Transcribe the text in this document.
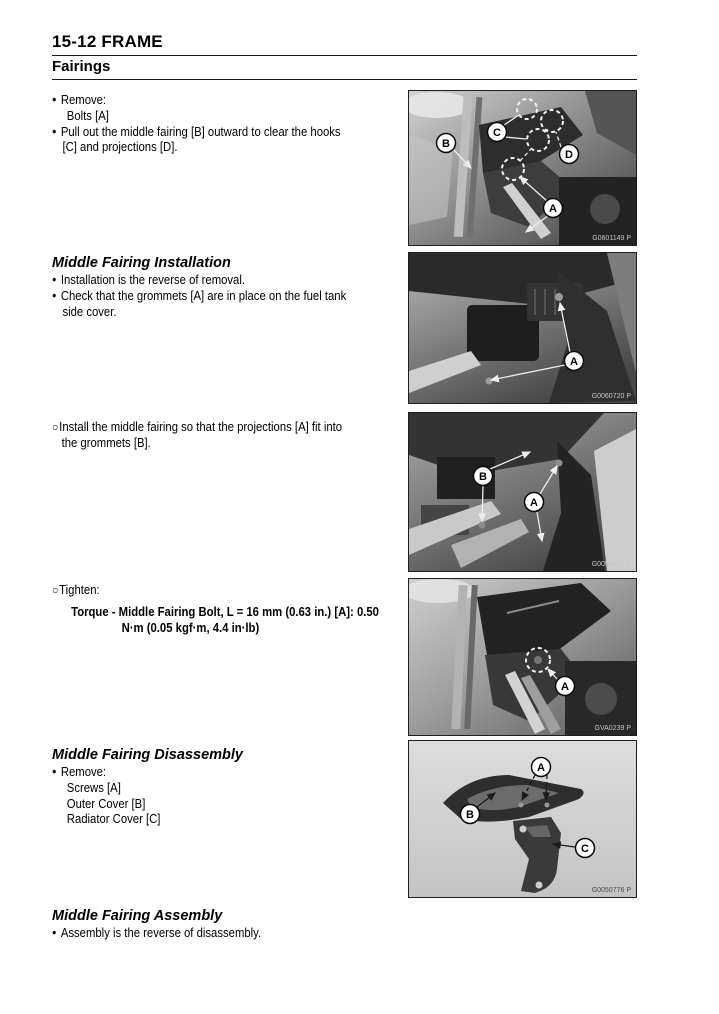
15-12 FRAME
Fairings
● Remove:
Bolts [A]
● Pull out the middle fairing [B] outward to clear the hooks
[C] and projections [D].
Middle Fairing Installation
● Installation is the reverse of removal.
● Check that the grommets [A] are in place on the fuel tank
side cover.
○Install the middle fairing so that the projections [A] fit into
the grommets [B].
○Tighten:
Torque - Middle Fairing Bolt, L = 16 mm (0.63 in.) [A]: 0.50
N·m (0.05 kgf·m, 4.4 in·lb)
Middle Fairing Disassembly
● Remove:
Screws [A]
Outer Cover [B]
Radiator Cover [C]
Middle Fairing Assembly
● Assembly is the reverse of disassembly.
B
C
D
A
G0601149 P
A
G0060720 P
B
A
G0050775 P
A
GVA0239 P
A
B
C
G0050776 P
